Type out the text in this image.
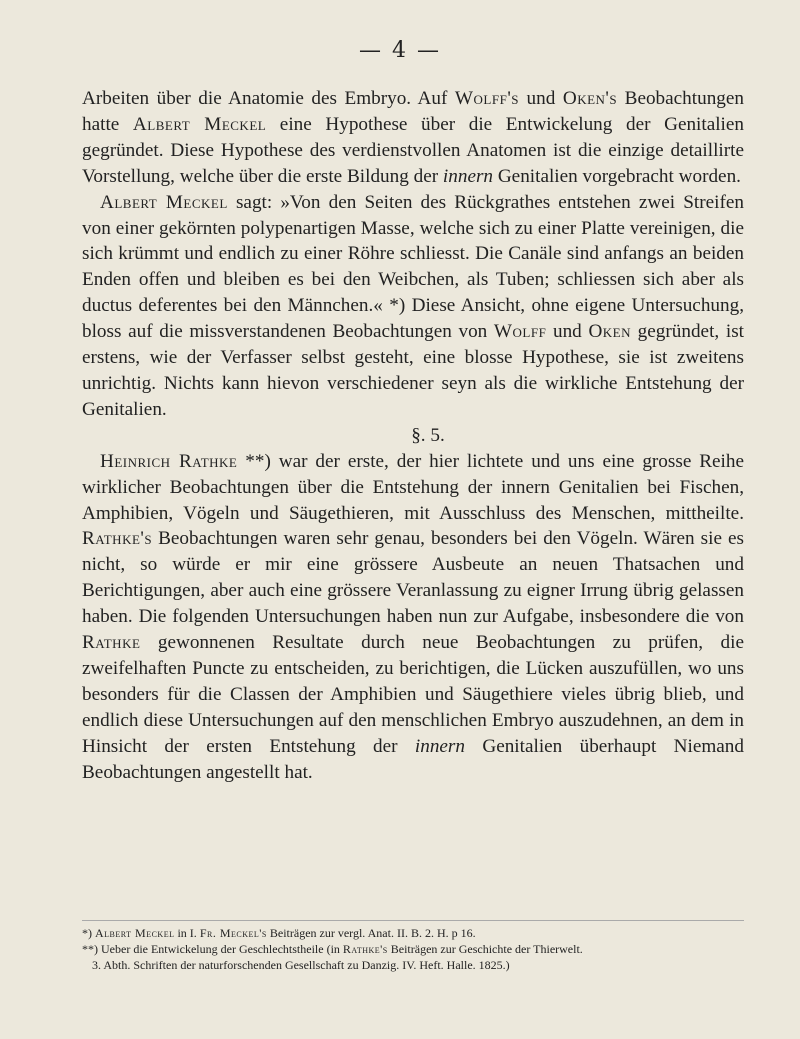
— 4 —

Arbeiten über die Anatomie des Embryo. Auf Wolff's und Oken's Beobachtungen hatte Albert Meckel eine Hypothese über die Entwickelung der Genitalien gegründet. Diese Hypothese des verdienstvollen Anatomen ist die einzige detaillirte Vorstellung, welche über die erste Bildung der innern Genitalien vorgebracht worden.

Albert Meckel sagt: »Von den Seiten des Rückgrathes entstehen zwei Streifen von einer gekörnten polypenartigen Masse, welche sich zu einer Platte vereinigen, die sich krümmt und endlich zu einer Röhre schliesst. Die Canäle sind anfangs an beiden Enden offen und bleiben es bei den Weibchen, als Tuben; schliessen sich aber als ductus deferentes bei den Männchen.« *) Diese Ansicht, ohne eigene Untersuchung, bloss auf die missverstandenen Beobachtungen von Wolff und Oken gegründet, ist erstens, wie der Verfasser selbst gesteht, eine blosse Hypothese, sie ist zweitens unrichtig. Nichts kann hievon verschiedener seyn als die wirkliche Entstehung der Genitalien.

§. 5.

Heinrich Rathke **) war der erste, der hier lichtete und uns eine grosse Reihe wirklicher Beobachtungen über die Entstehung der innern Genitalien bei Fischen, Amphibien, Vögeln und Säugethieren, mit Ausschluss des Menschen, mittheilte. Rathke's Beobachtungen waren sehr genau, besonders bei den Vögeln. Wären sie es nicht, so würde er mir eine grössere Ausbeute an neuen Thatsachen und Berichtigungen, aber auch eine grössere Veranlassung zu eigner Irrung übrig gelassen haben. Die folgenden Untersuchungen haben nun zur Aufgabe, insbesondere die von Rathke gewonnenen Resultate durch neue Beobachtungen zu prüfen, die zweifelhaften Puncte zu entscheiden, zu berichtigen, die Lücken auszufüllen, wo uns besonders für die Classen der Amphibien und Säugethiere vieles übrig blieb, und endlich diese Untersuchungen auf den menschlichen Embryo auszudehnen, an dem in Hinsicht der ersten Entstehung der innern Genitalien überhaupt Niemand Beobachtungen angestellt hat.

*) Albert Meckel in I. Fr. Meckel's Beiträgen zur vergl. Anat. II. B. 2. H. p 16.

**) Ueber die Entwickelung der Geschlechtstheile (in Rathke's Beiträgen zur Geschichte der Thierwelt.

3. Abth. Schriften der naturforschenden Gesellschaft zu Danzig. IV. Heft. Halle. 1825.)
